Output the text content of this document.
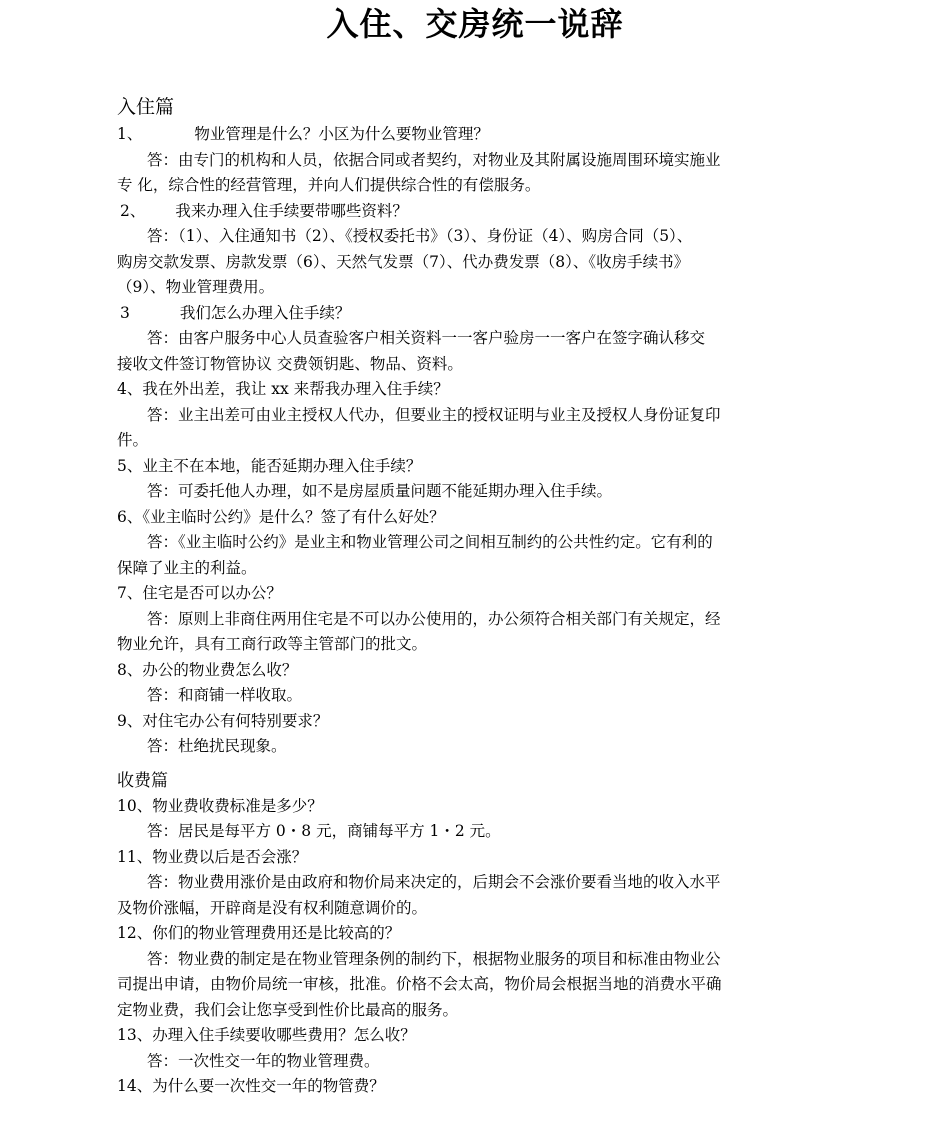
入住、交房统一说辞
入住篇
1、	物业管理是什么？小区为什么要物业管理？
答：由专门的机构和人员，依据合同或者契约，对物业及其附属设施周围环境实施业
专 化，综合性的经营管理，并向人们提供综合性的有偿服务。
2、 我来办理入住手续要带哪些资料？
答：（1）、入住通知书（2）、《授权委托书》（3）、身份证（4）、购房合同（5）、
购房交款发票、房款发票（6）、天然气发票（7）、代办费发票（8）、《收房手续书》
（9）、物业管理费用。
3	我们怎么办理入住手续？
答：由客户服务中心人员查验客户相关资料一一客户验房一一客户在签字确认移交
接收文件签订物管协议 交费领钥匙、物品、资料。
4、我在外出差，我让 xx 来帮我办理入住手续？
答：业主出差可由业主授权人代办，但要业主的授权证明与业主及授权人身份证复印
件。
5、业主不在本地，能否延期办理入住手续？
答：可委托他人办理，如不是房屋质量问题不能延期办理入住手续。
6、《业主临时公约》是什么？签了有什么好处？
答：《业主临时公约》是业主和物业管理公司之间相互制约的公共性约定。它有利的
保障了业主的利益。
7、住宅是否可以办公？
答：原则上非商住两用住宅是不可以办公使用的，办公须符合相关部门有关规定，经
物业允许，具有工商行政等主管部门的批文。
8、办公的物业费怎么收？
答：和商铺一样收取。
9、对住宅办公有何特别要求？
答：杜绝扰民现象。
收费篇
10、物业费收费标准是多少？
答：居民是每平方 0・8 元，商铺每平方 1・2 元。
11、物业费以后是否会涨？
答：物业费用涨价是由政府和物价局来决定的，后期会不会涨价要看当地的收入水平
及物价涨幅，开辟商是没有权利随意调价的。
12、你们的物业管理费用还是比较高的？
答：物业费的制定是在物业管理条例的制约下，根据物业服务的项目和标准由物业公
司提出申请，由物价局统一审核，批准。价格不会太高，物价局会根据当地的消费水平确
定物业费，我们会让您享受到性价比最高的服务。
13、办理入住手续要收哪些费用？怎么收？
答：一次性交一年的物业管理费。
14、为什么要一次性交一年的物管费？
